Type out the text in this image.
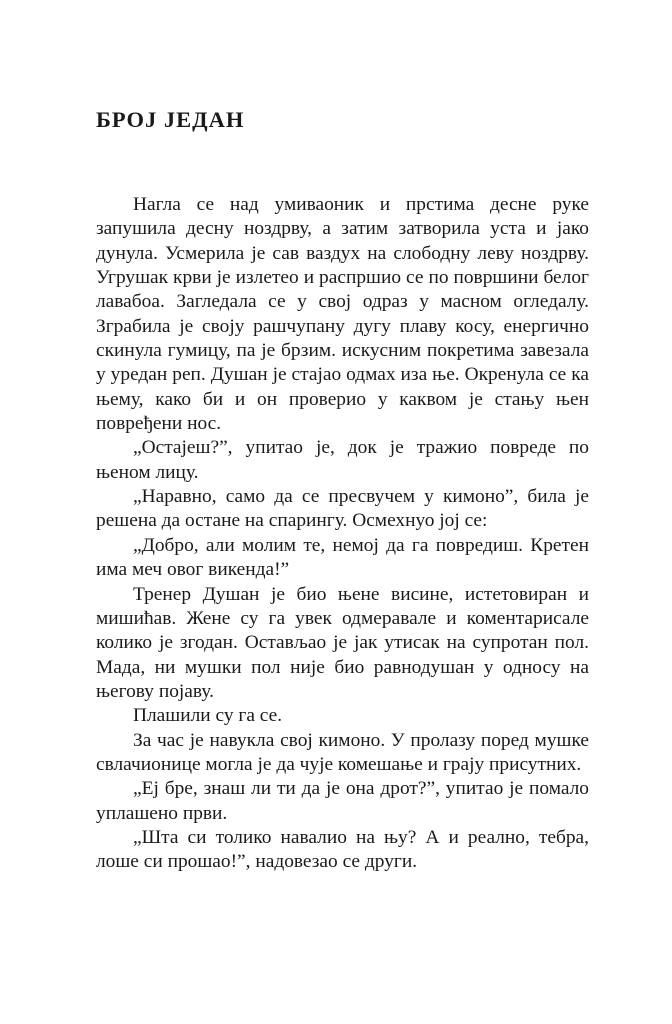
БРОЈ ЈЕДАН

Нагла се над умиваоник и прстима десне руке запушила десну ноздрву, а затим затворила уста и јако дунула. Усмерила је сав ваздух на слободну леву ноздрву. Угрушак крви је излетео и распршио се по површини белог лавабоа. Загледала се у свој одраз у масном огледалу. Зграбила је своју рашчупану дугу плаву косу, енергично скинула гумицу, па је брзим. искусним покретима завезала у уредан реп. Душан је стајао одмах иза ње. Окренула се ка њему, како би и он проверио у каквом је стању њен повређени нос.

„Остајеш?”, упитао је, док је тражио повреде по њеном лицу.

„Наравно, само да се пресвучем у кимоно”, била је решена да остане на спарингу. Осмехнуо јој се:

„Добро, али молим те, немој да га повредиш. Кретен има меч овог викенда!”

Тренер Душан је био њене висине, истетовиран и мишићав. Жене су га увек одмеравале и коментарисале колико је згодан. Остављао је јак утисак на супротан пол. Мада, ни мушки пол није био равнодушан у односу на његову појаву.

Плашили су га се.

За час је навукла свој кимоно. У пролазу поред мушке свлачионице могла је да чује комешање и грају присутних.

„Еј бре, знаш ли ти да је она дрот?”, упитао је помало уплашено први.

„Шта си толико навалио на њу? А и реално, тебра, лоше си прошао!”, надовезао се други.
